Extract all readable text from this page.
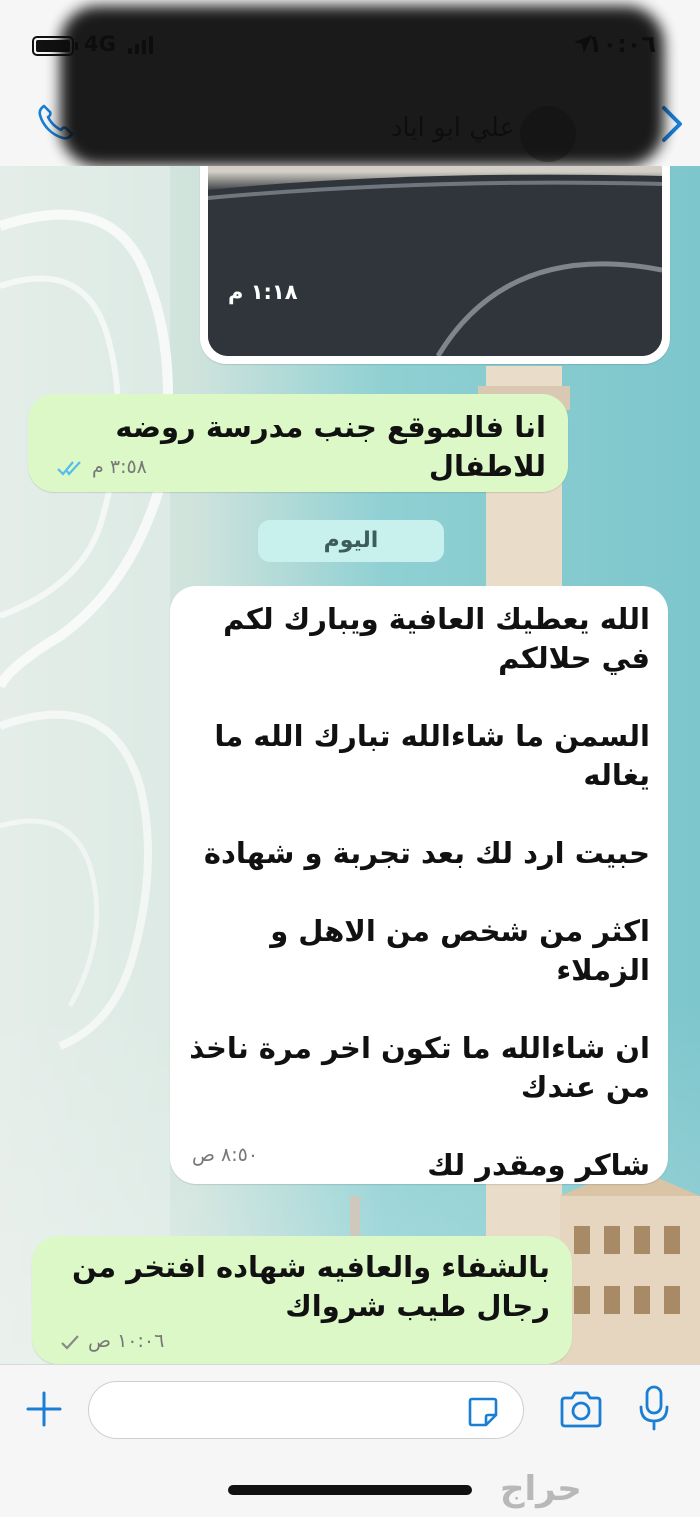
١:١٨ م
انا فالموقع جنب مدرسة روضه للاطفال
٣:٥٨ م
اليوم
الله يعطيك العافية ويبارك لكم في حلالكم

السمن ما شاءالله تبارك الله ما يغاله

حبيت ارد لك بعد تجربة و شهادة

اكثر من شخص من الاهل و الزملاء

ان شاءالله ما تكون اخر مرة ناخذ من عندك

شاكر ومقدر لك
٨:٥٠ ص
بالشفاء والعافيه شهاده افتخر من رجال طيب شرواك
١٠:٠٦ ص
حراج
